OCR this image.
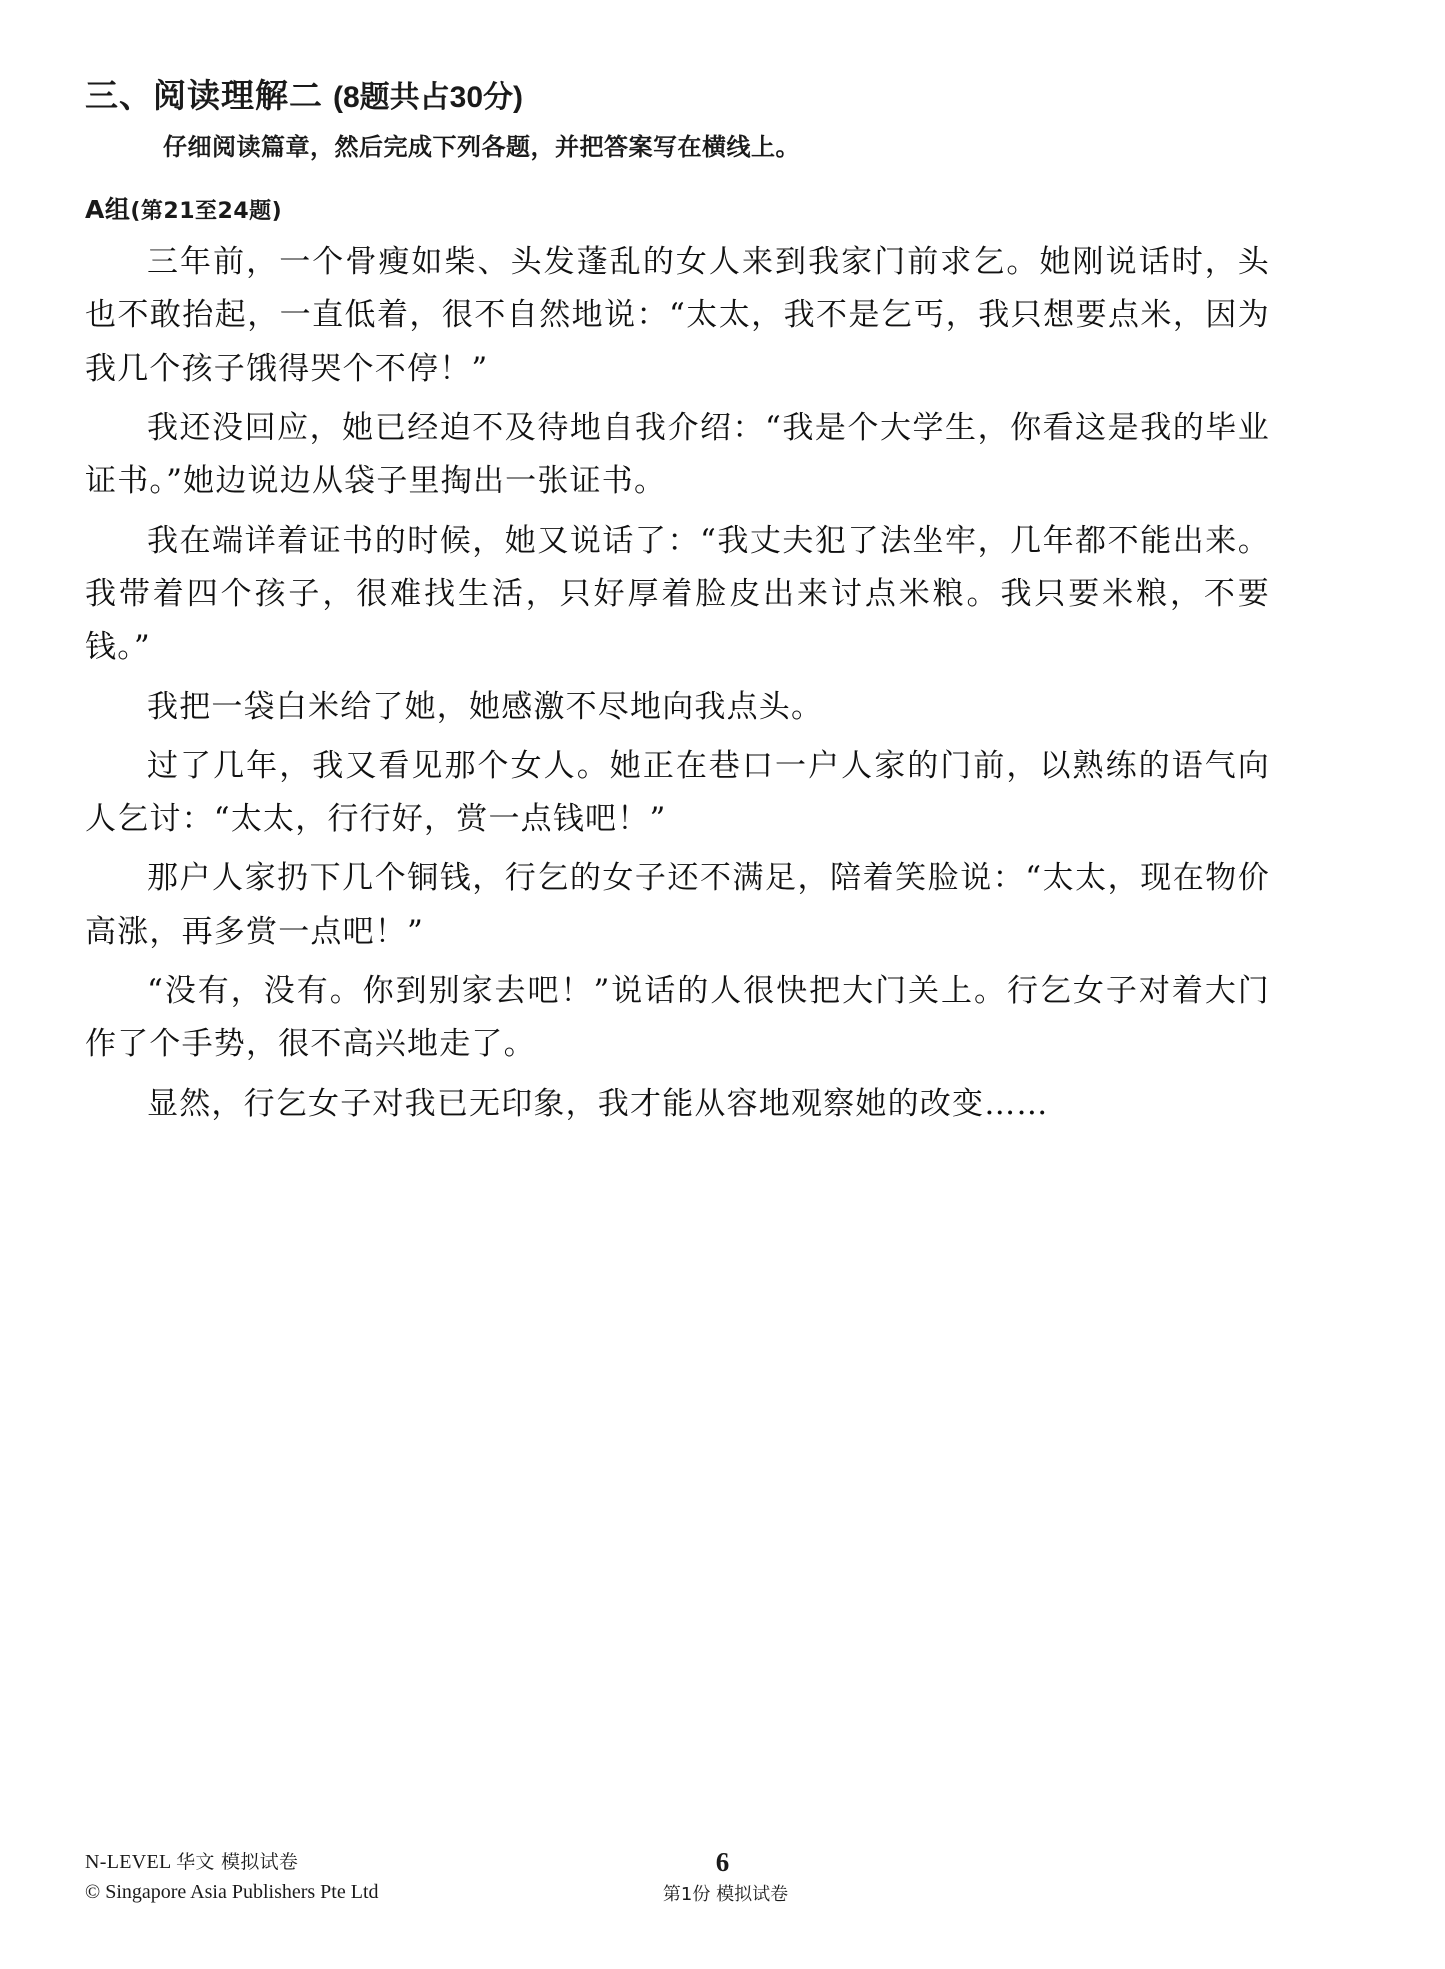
三、阅读理解二 (8题共占30分)
仔细阅读篇章，然后完成下列各题，并把答案写在横线上。
A组(第21至24题)

三年前，一个骨瘦如柴、头发蓬乱的女人来到我家门前求乞。她刚说话时，头也不敢抬起，一直低着，很不自然地说：“太太，我不是乞丐，我只想要点米，因为我几个孩子饿得哭个不停！”

我还没回应，她已经迫不及待地自我介绍：“我是个大学生，你看这是我的毕业证书。”她边说边从袋子里掏出一张证书。

我在端详着证书的时候，她又说话了：“我丈夫犯了法坐牢，几年都不能出来。我带着四个孩子，很难找生活，只好厚着脸皮出来讨点米粮。我只要米粮，不要钱。”

我把一袋白米给了她，她感激不尽地向我点头。

过了几年，我又看见那个女人。她正在巷口一户人家的门前，以熟练的语气向人乞讨：“太太，行行好，赏一点钱吧！”

那户人家扔下几个铜钱，行乞的女子还不满足，陪着笑脸说：“太太，现在物价高涨，再多赏一点吧！”

“没有，没有。你到别家去吧！”说话的人很快把大门关上。行乞女子对着大门作了个手势，很不高兴地走了。

显然，行乞女子对我已无印象，我才能从容地观察她的改变……

N-LEVEL 华文 模拟试卷
© Singapore Asia Publishers Pte Ltd
6
第1份 模拟试卷
